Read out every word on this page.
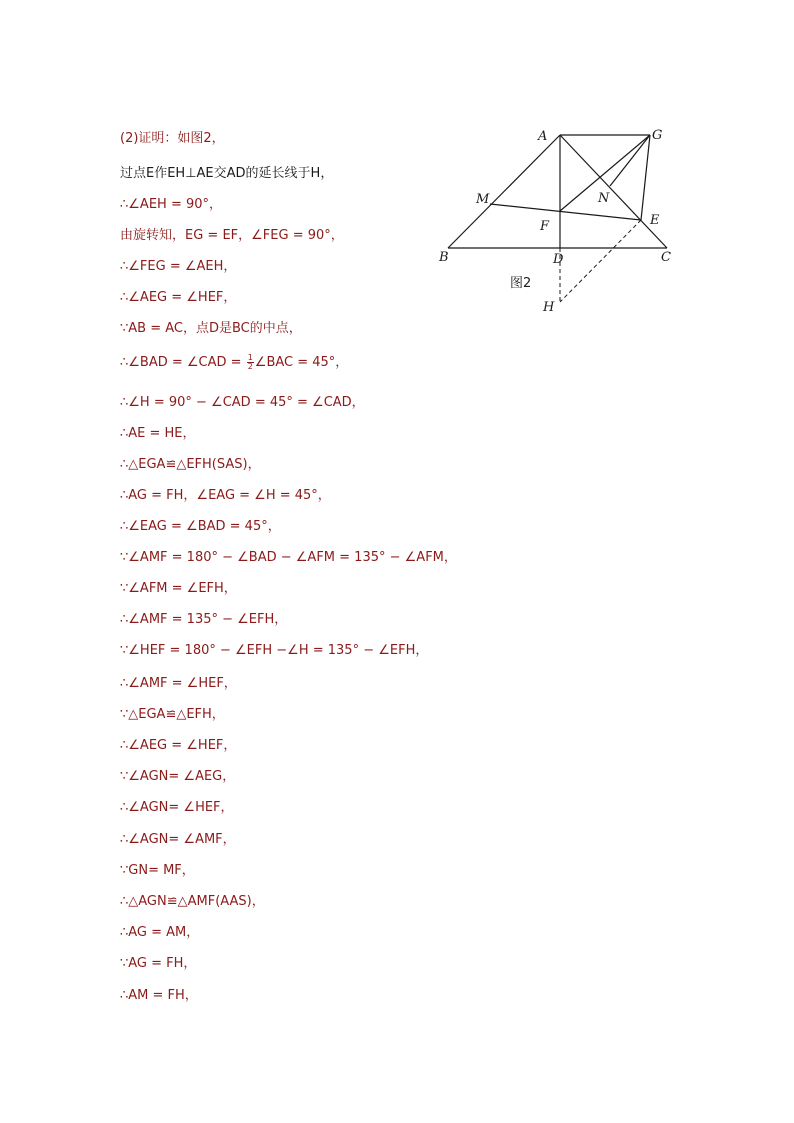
(2)证明：如图2，
过点E作EH⊥AE交AD的延长线于H，
∴∠AEH = 90°，
由旋转知，EG = EF，∠FEG = 90°，
∴∠FEG = ∠AEH，
∴∠AEG = ∠HEF，
∵AB = AC，点D是BC的中点，
∴∠BAD = ∠CAD = $\frac{1}{2}$ ∠BAC = 45°，
∴∠H = 90° − ∠CAD = 45° = ∠CAD，
∴AE = HE，
∴△EGA≌△EFH(SAS)，
∴AG = FH，∠EAG = ∠H = 45°，
∴∠EAG = ∠BAD = 45°，
∵∠AMF = 180° − ∠BAD − ∠AFM = 135° − ∠AFM，
∵∠AFM = ∠EFH，
∴∠AMF = 135° − ∠EFH，
∵∠HEF = 180° − ∠EFH −∠H = 135° − ∠EFH，
∴∠AMF = ∠HEF，
∵△EGA≌△EFH，
∴∠AEG = ∠HEF，
∵∠AGN= ∠AEG，
∴∠AGN= ∠HEF，
∴∠AGN= ∠AMF，
∵GN= MF，
∴△AGN≌△AMF(AAS)，
∴AG = AM，
∵AG = FH，
∴AM = FH，
A	G
M	N
F	E
B	D	C
H
图2
